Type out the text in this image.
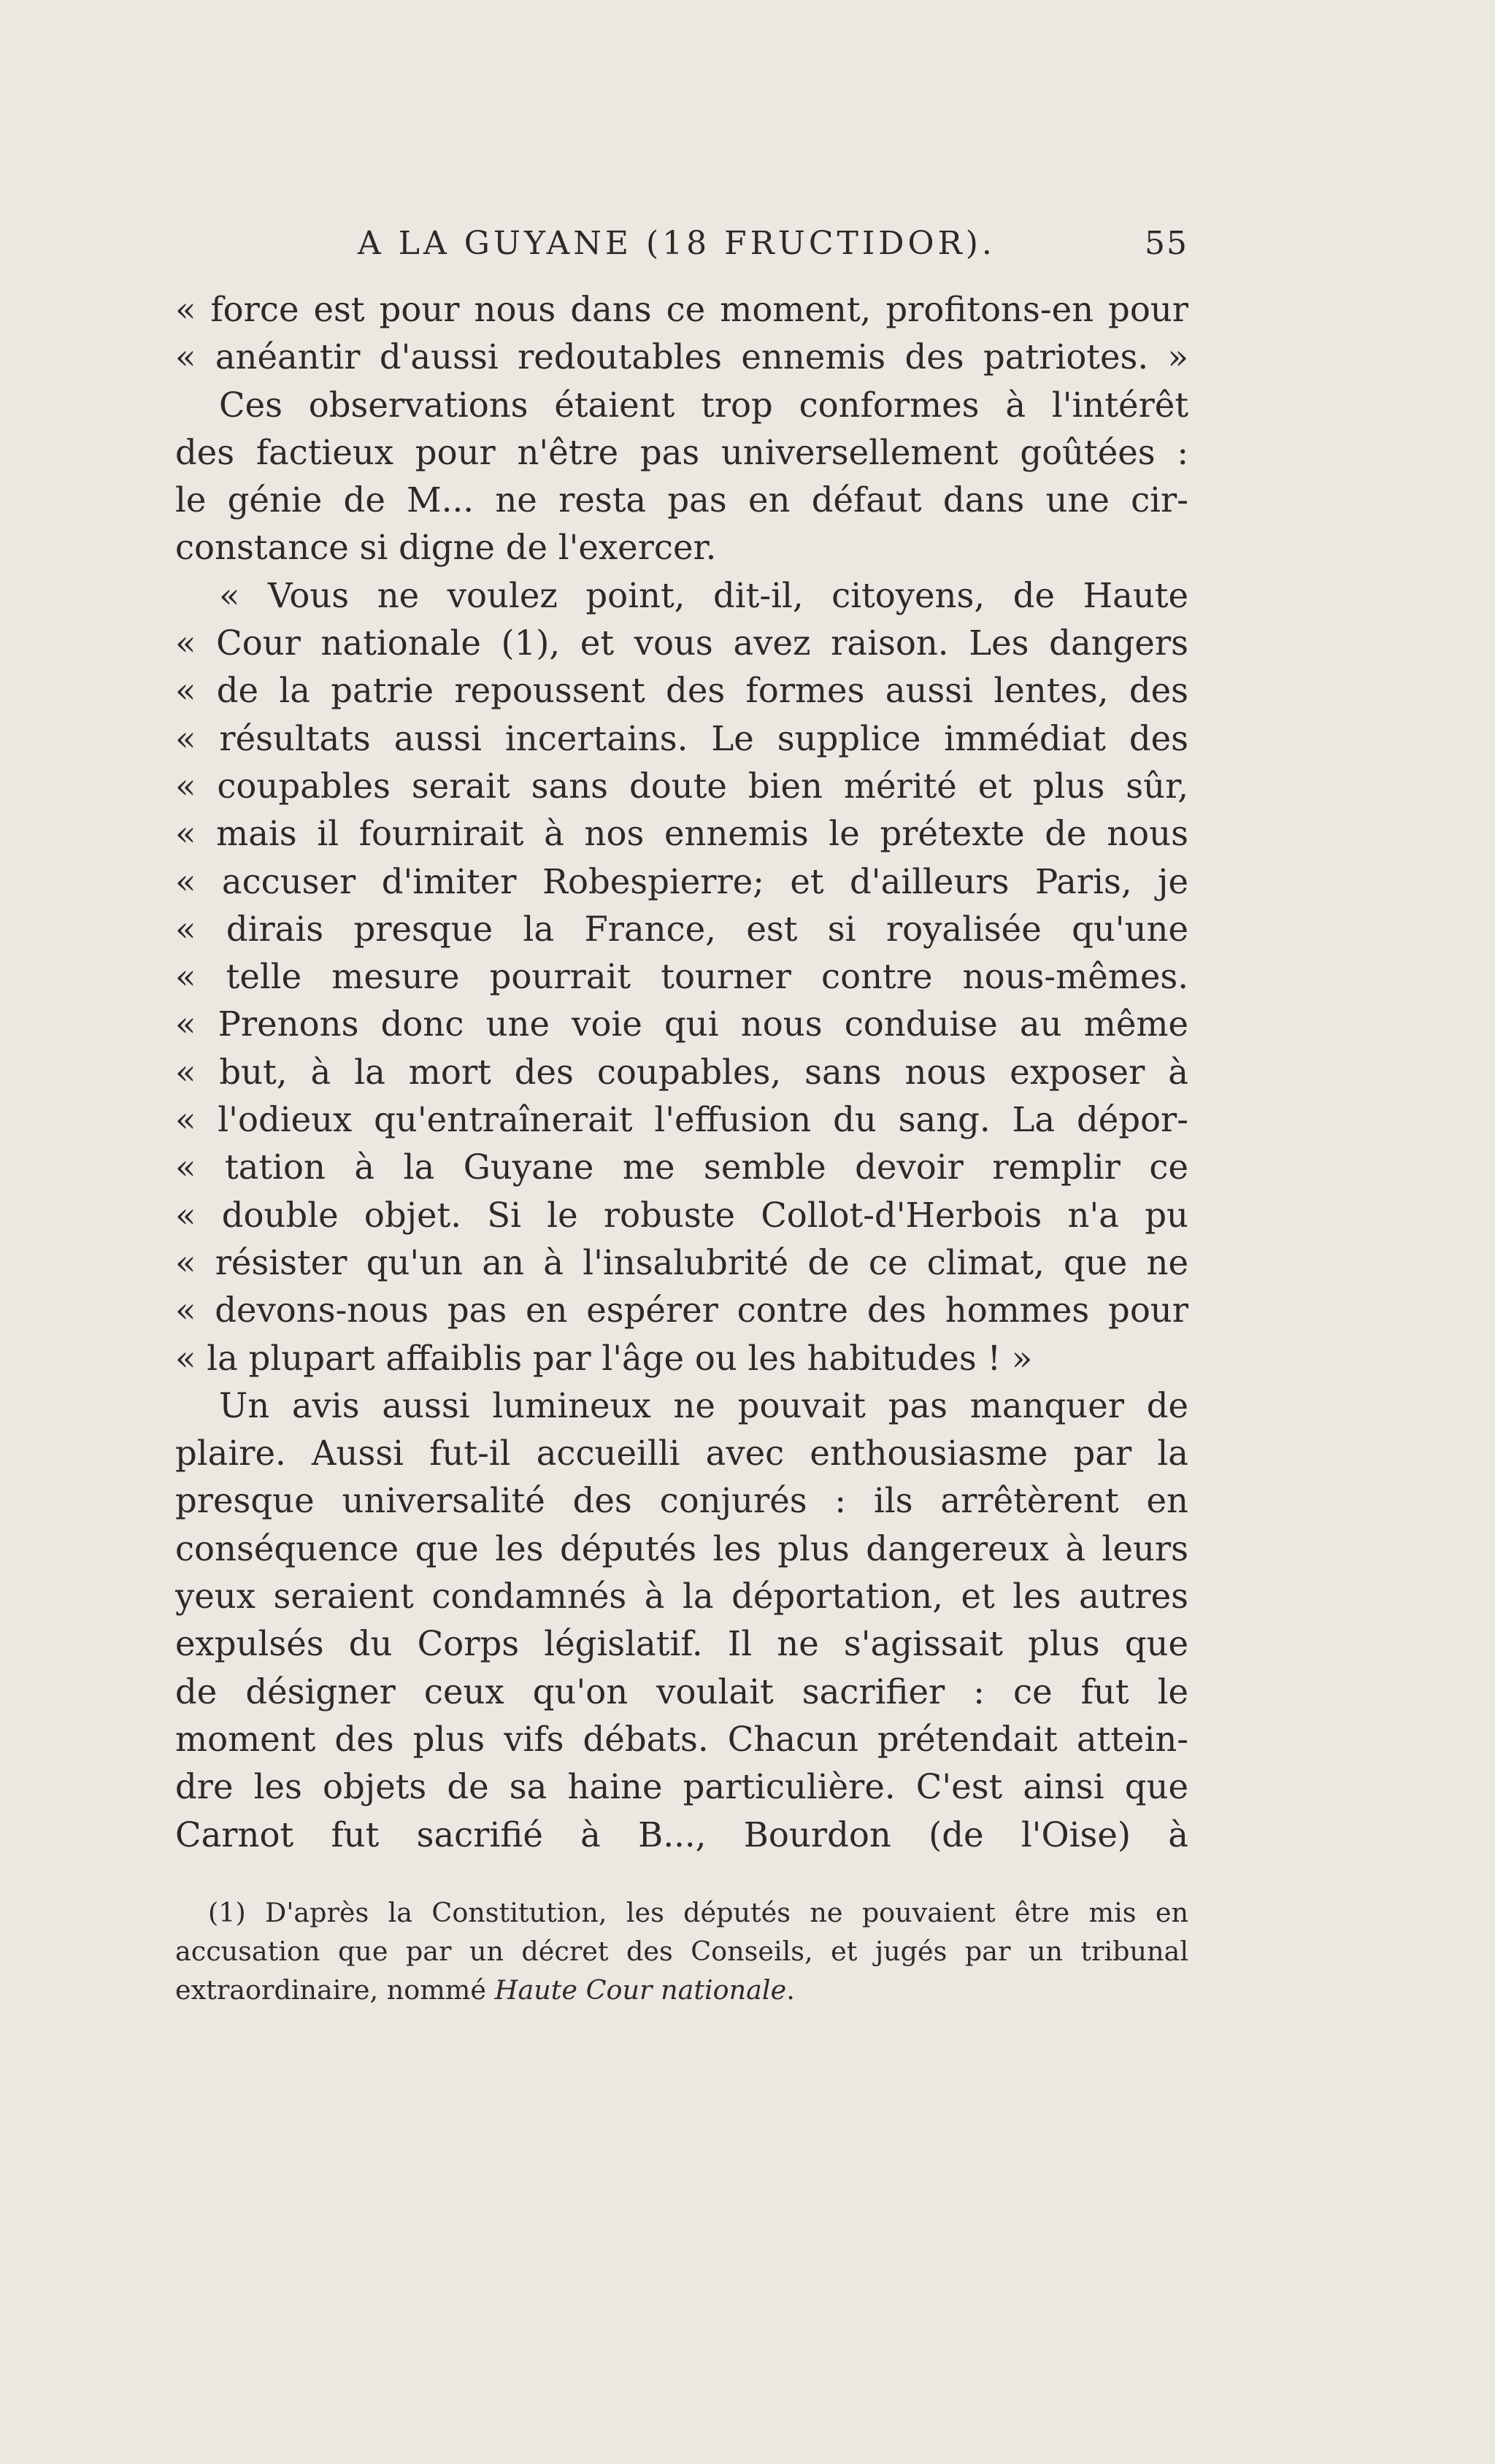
A LA GUYANE (18 FRUCTIDOR).	55
« force est pour nous dans ce moment, profitons-en pour
« anéantir d'aussi redoutables ennemis des patriotes. »
Ces observations étaient trop conformes à l'intérêt
des factieux pour n'être pas universellement goûtées :
le génie de M... ne resta pas en défaut dans une cir-
constance si digne de l'exercer.
« Vous ne voulez point, dit-il, citoyens, de Haute
« Cour nationale (1), et vous avez raison. Les dangers
« de la patrie repoussent des formes aussi lentes, des
« résultats aussi incertains. Le supplice immédiat des
« coupables serait sans doute bien mérité et plus sûr,
« mais il fournirait à nos ennemis le prétexte de nous
« accuser d'imiter Robespierre; et d'ailleurs Paris, je
« dirais presque la France, est si royalisée qu'une
« telle mesure pourrait tourner contre nous-mêmes.
« Prenons donc une voie qui nous conduise au même
« but, à la mort des coupables, sans nous exposer à
« l'odieux qu'entraînerait l'effusion du sang. La dépor-
« tation à la Guyane me semble devoir remplir ce
« double objet. Si le robuste Collot-d'Herbois n'a pu
« résister qu'un an à l'insalubrité de ce climat, que ne
« devons-nous pas en espérer contre des hommes pour
« la plupart affaiblis par l'âge ou les habitudes ! »
Un avis aussi lumineux ne pouvait pas manquer de
plaire. Aussi fut-il accueilli avec enthousiasme par la
presque universalité des conjurés : ils arrêtèrent en
conséquence que les députés les plus dangereux à leurs
yeux seraient condamnés à la déportation, et les autres
expulsés du Corps législatif. Il ne s'agissait plus que
de désigner ceux qu'on voulait sacrifier : ce fut le
moment des plus vifs débats. Chacun prétendait attein-
dre les objets de sa haine particulière. C'est ainsi que
Carnot fut sacrifié à B..., Bourdon (de l'Oise) à
(1) D'après la Constitution, les députés ne pouvaient être mis en
accusation que par un décret des Conseils, et jugés par un tribunal
extraordinaire, nommé Haute Cour nationale.
